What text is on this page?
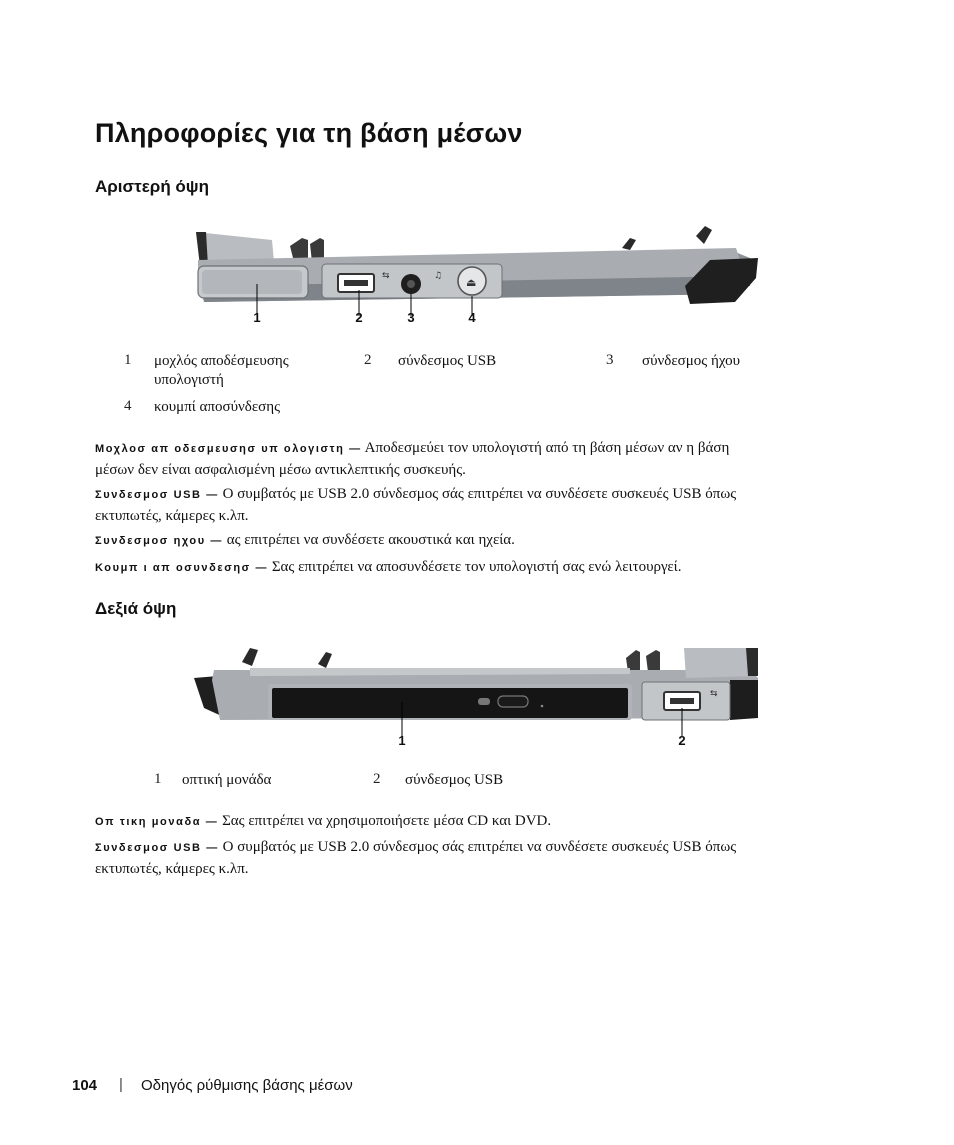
Πληροφορίες για τη βάση μέσων
Αριστερή όψη
⇆	♫ ⏏
1	2	3	4
1 μοχλός αποδέσμευσης
υπολογιστή
2 σύνδεσμος USB	3 σύνδεσμος ήχου
4 κουμπί αποσύνδεσης
Μοχλοσ απ οδεσμευσησ υπ ολογιστη — Αποδεσμεύει τον υπολογιστή από τη βάση μέσων αν η βάση
μέσων δεν είναι ασφαλισμένη μέσω αντικλεπτικής συσκευής.
Συνδεσμοσ USB — Ο συμβατός με USB 2.0 σύνδεσμος σάς επιτρέπει να συνδέσετε συσκευές USB όπως
εκτυπωτές, κάμερες κ.λπ.
Συνδεσμοσ ηχου — ας επιτρέπει να συνδέσετε ακουστικά και ηχεία.
Κουμπ ι απ οσυνδεσησ — Σας επιτρέπει να αποσυνδέσετε τον υπολογιστή σας ενώ λειτουργεί.
Δεξιά όψη
⇆
1	2
1 οπτική μονάδα	2 σύνδεσμος USB
Οπ τικη μοναδα — Σας επιτρέπει να χρησιμοποιήσετε μέσα CD και DVD.
Συνδεσμοσ USB — Ο συμβατός με USB 2.0 σύνδεσμος σάς επιτρέπει να συνδέσετε συσκευές USB όπως
εκτυπωτές, κάμερες κ.λπ.
104 | Οδηγός ρύθμισης βάσης μέσων
